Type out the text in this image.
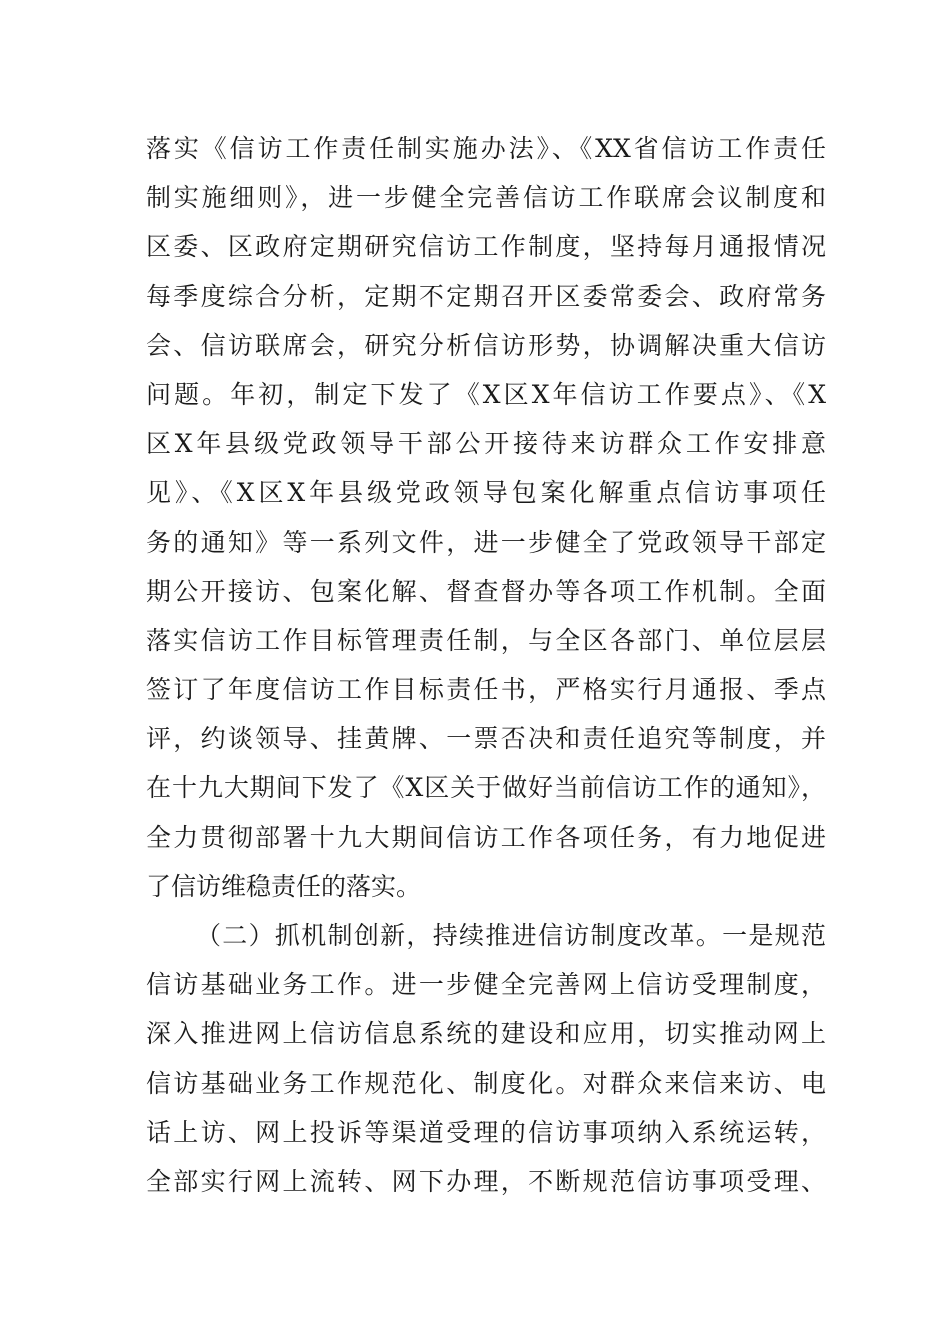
落实《信访工作责任制实施办法》、《XX省信访工作责任
制实施细则》，进一步健全完善信访工作联席会议制度和
区委、区政府定期研究信访工作制度，坚持每月通报情况
每季度综合分析，定期不定期召开区委常委会、政府常务
会、信访联席会，研究分析信访形势，协调解决重大信访
问题。年初，制定下发了《X区X年信访工作要点》、《X
区X年县级党政领导干部公开接待来访群众工作安排意
见》、《X区X年县级党政领导包案化解重点信访事项任
务的通知》等一系列文件，进一步健全了党政领导干部定
期公开接访、包案化解、督查督办等各项工作机制。全面
落实信访工作目标管理责任制，与全区各部门、单位层层
签订了年度信访工作目标责任书，严格实行月通报、季点
评，约谈领导、挂黄牌、一票否决和责任追究等制度，并
在十九大期间下发了《X区关于做好当前信访工作的通知》，
全力贯彻部署十九大期间信访工作各项任务，有力地促进
了信访维稳责任的落实。
（二）抓机制创新，持续推进信访制度改革。一是规范
信访基础业务工作。进一步健全完善网上信访受理制度，
深入推进网上信访信息系统的建设和应用，切实推动网上
信访基础业务工作规范化、制度化。对群众来信来访、电
话上访、网上投诉等渠道受理的信访事项纳入系统运转，
全部实行网上流转、网下办理，不断规范信访事项受理、
